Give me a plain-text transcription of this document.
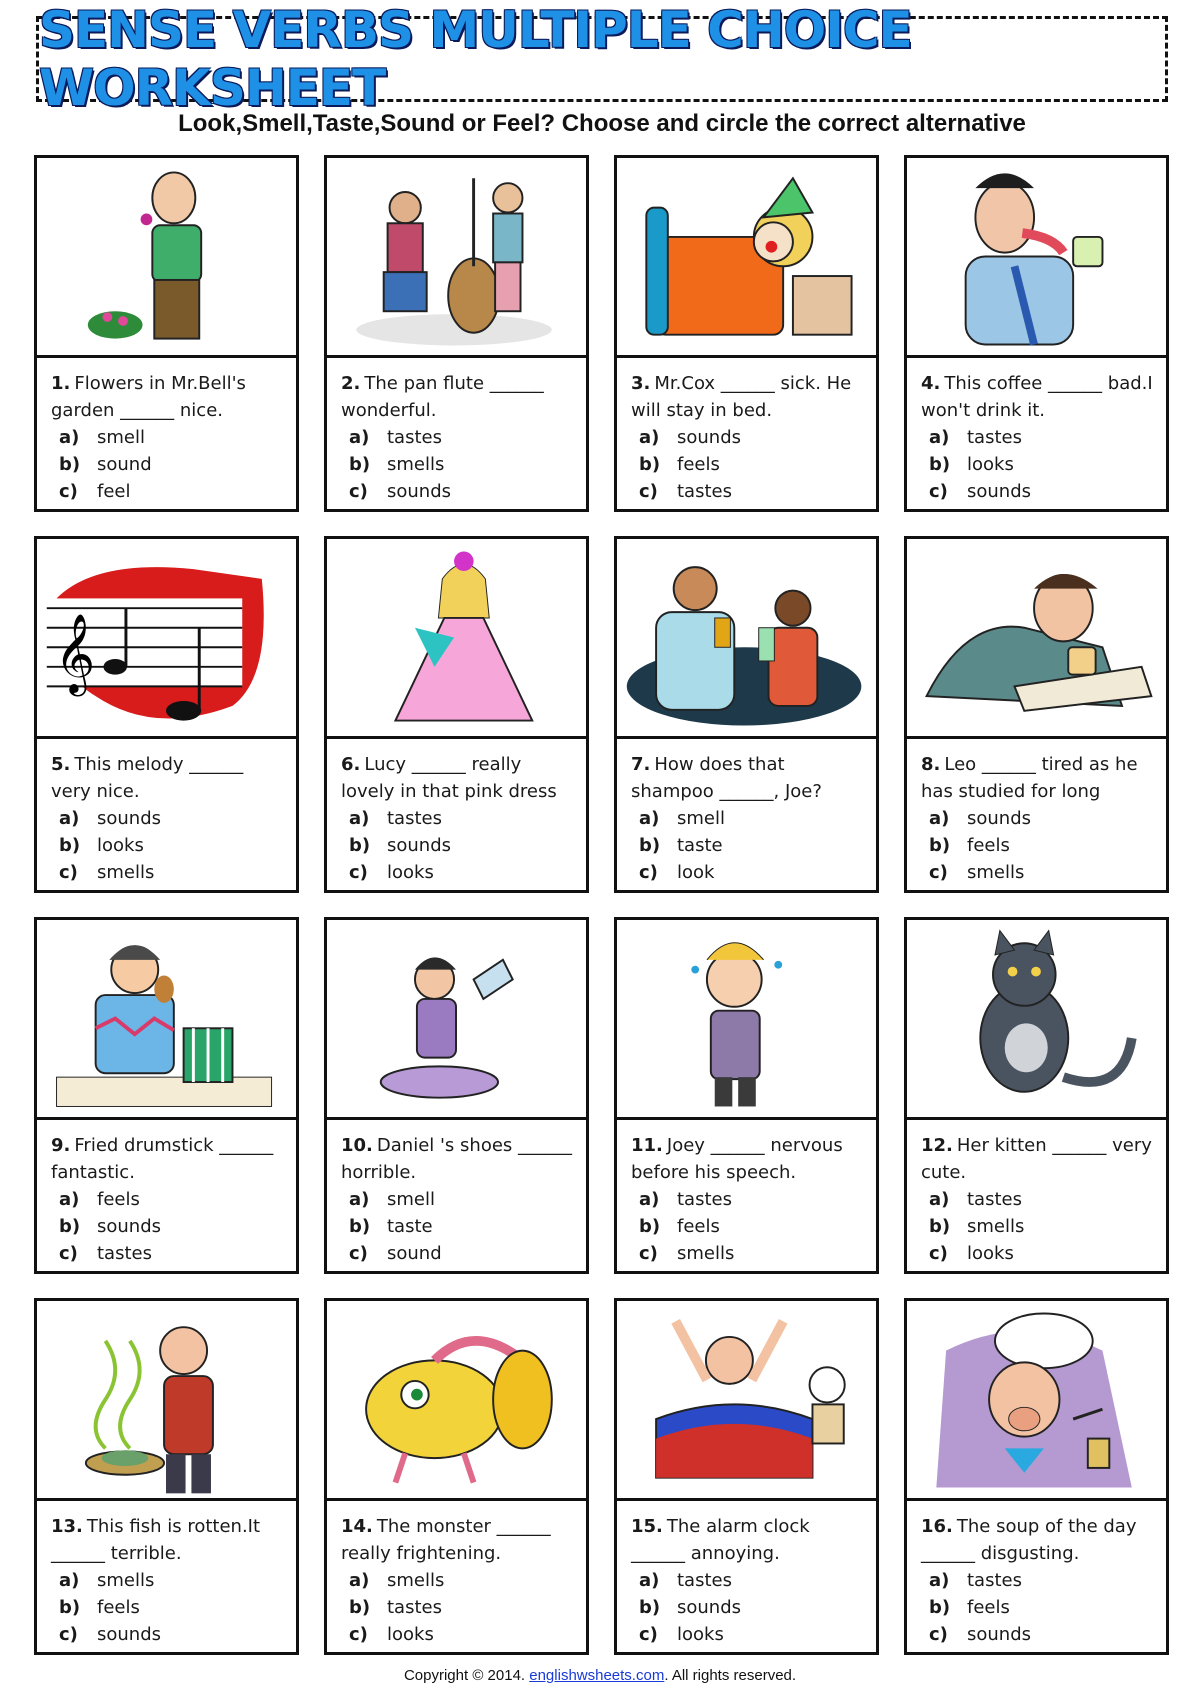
SENSE VERBS MULTIPLE CHOICE WORKSHEET
Look,Smell,Taste,Sound or Feel? Choose and circle the correct alternative
1. Flowers in Mr.Bell's garden ______ nice.
a) smell
b) sound
c)	feel
2. The pan flute ______ wonderful.
a) tastes
b) smells
c)	sounds
3. Mr.Cox ______ sick. He will stay in bed.
a) sounds
b) feels
c)	tastes
4. This coffee ______ bad.I won't drink it.
a) tastes
b) looks
c)	sounds
𝄞
5. This melody ______ very nice.
a) sounds
b) looks
c)	smells
6. Lucy ______ really lovely in that pink dress
a) tastes
b) sounds
c)	looks
7. How does that shampoo ______, Joe?
a) smell
b) taste
c)	look
8. Leo ______ tired as he has studied for long
a) sounds
b) feels
c)	smells
9. Fried drumstick ______ fantastic.
a) feels
b) sounds
c)	tastes
10. Daniel 's shoes ______ horrible.
a) smell
b) taste
c)	sound
11. Joey ______ nervous before his speech.
a) tastes
b) feels
c)	smells
12. Her kitten ______ very cute.
a) tastes
b) smells
c)	looks
13. This fish is rotten.It ______ terrible.
a) smells
b) feels
c)	sounds
14. The monster ______ really frightening.
a) smells
b) tastes
c)	looks
15. The alarm clock ______ annoying.
a) tastes
b) sounds
c)	looks
16. The soup of the day ______ disgusting.
a) tastes
b) feels
c)	sounds
Copyright © 2014. englishwsheets.com. All rights reserved.
